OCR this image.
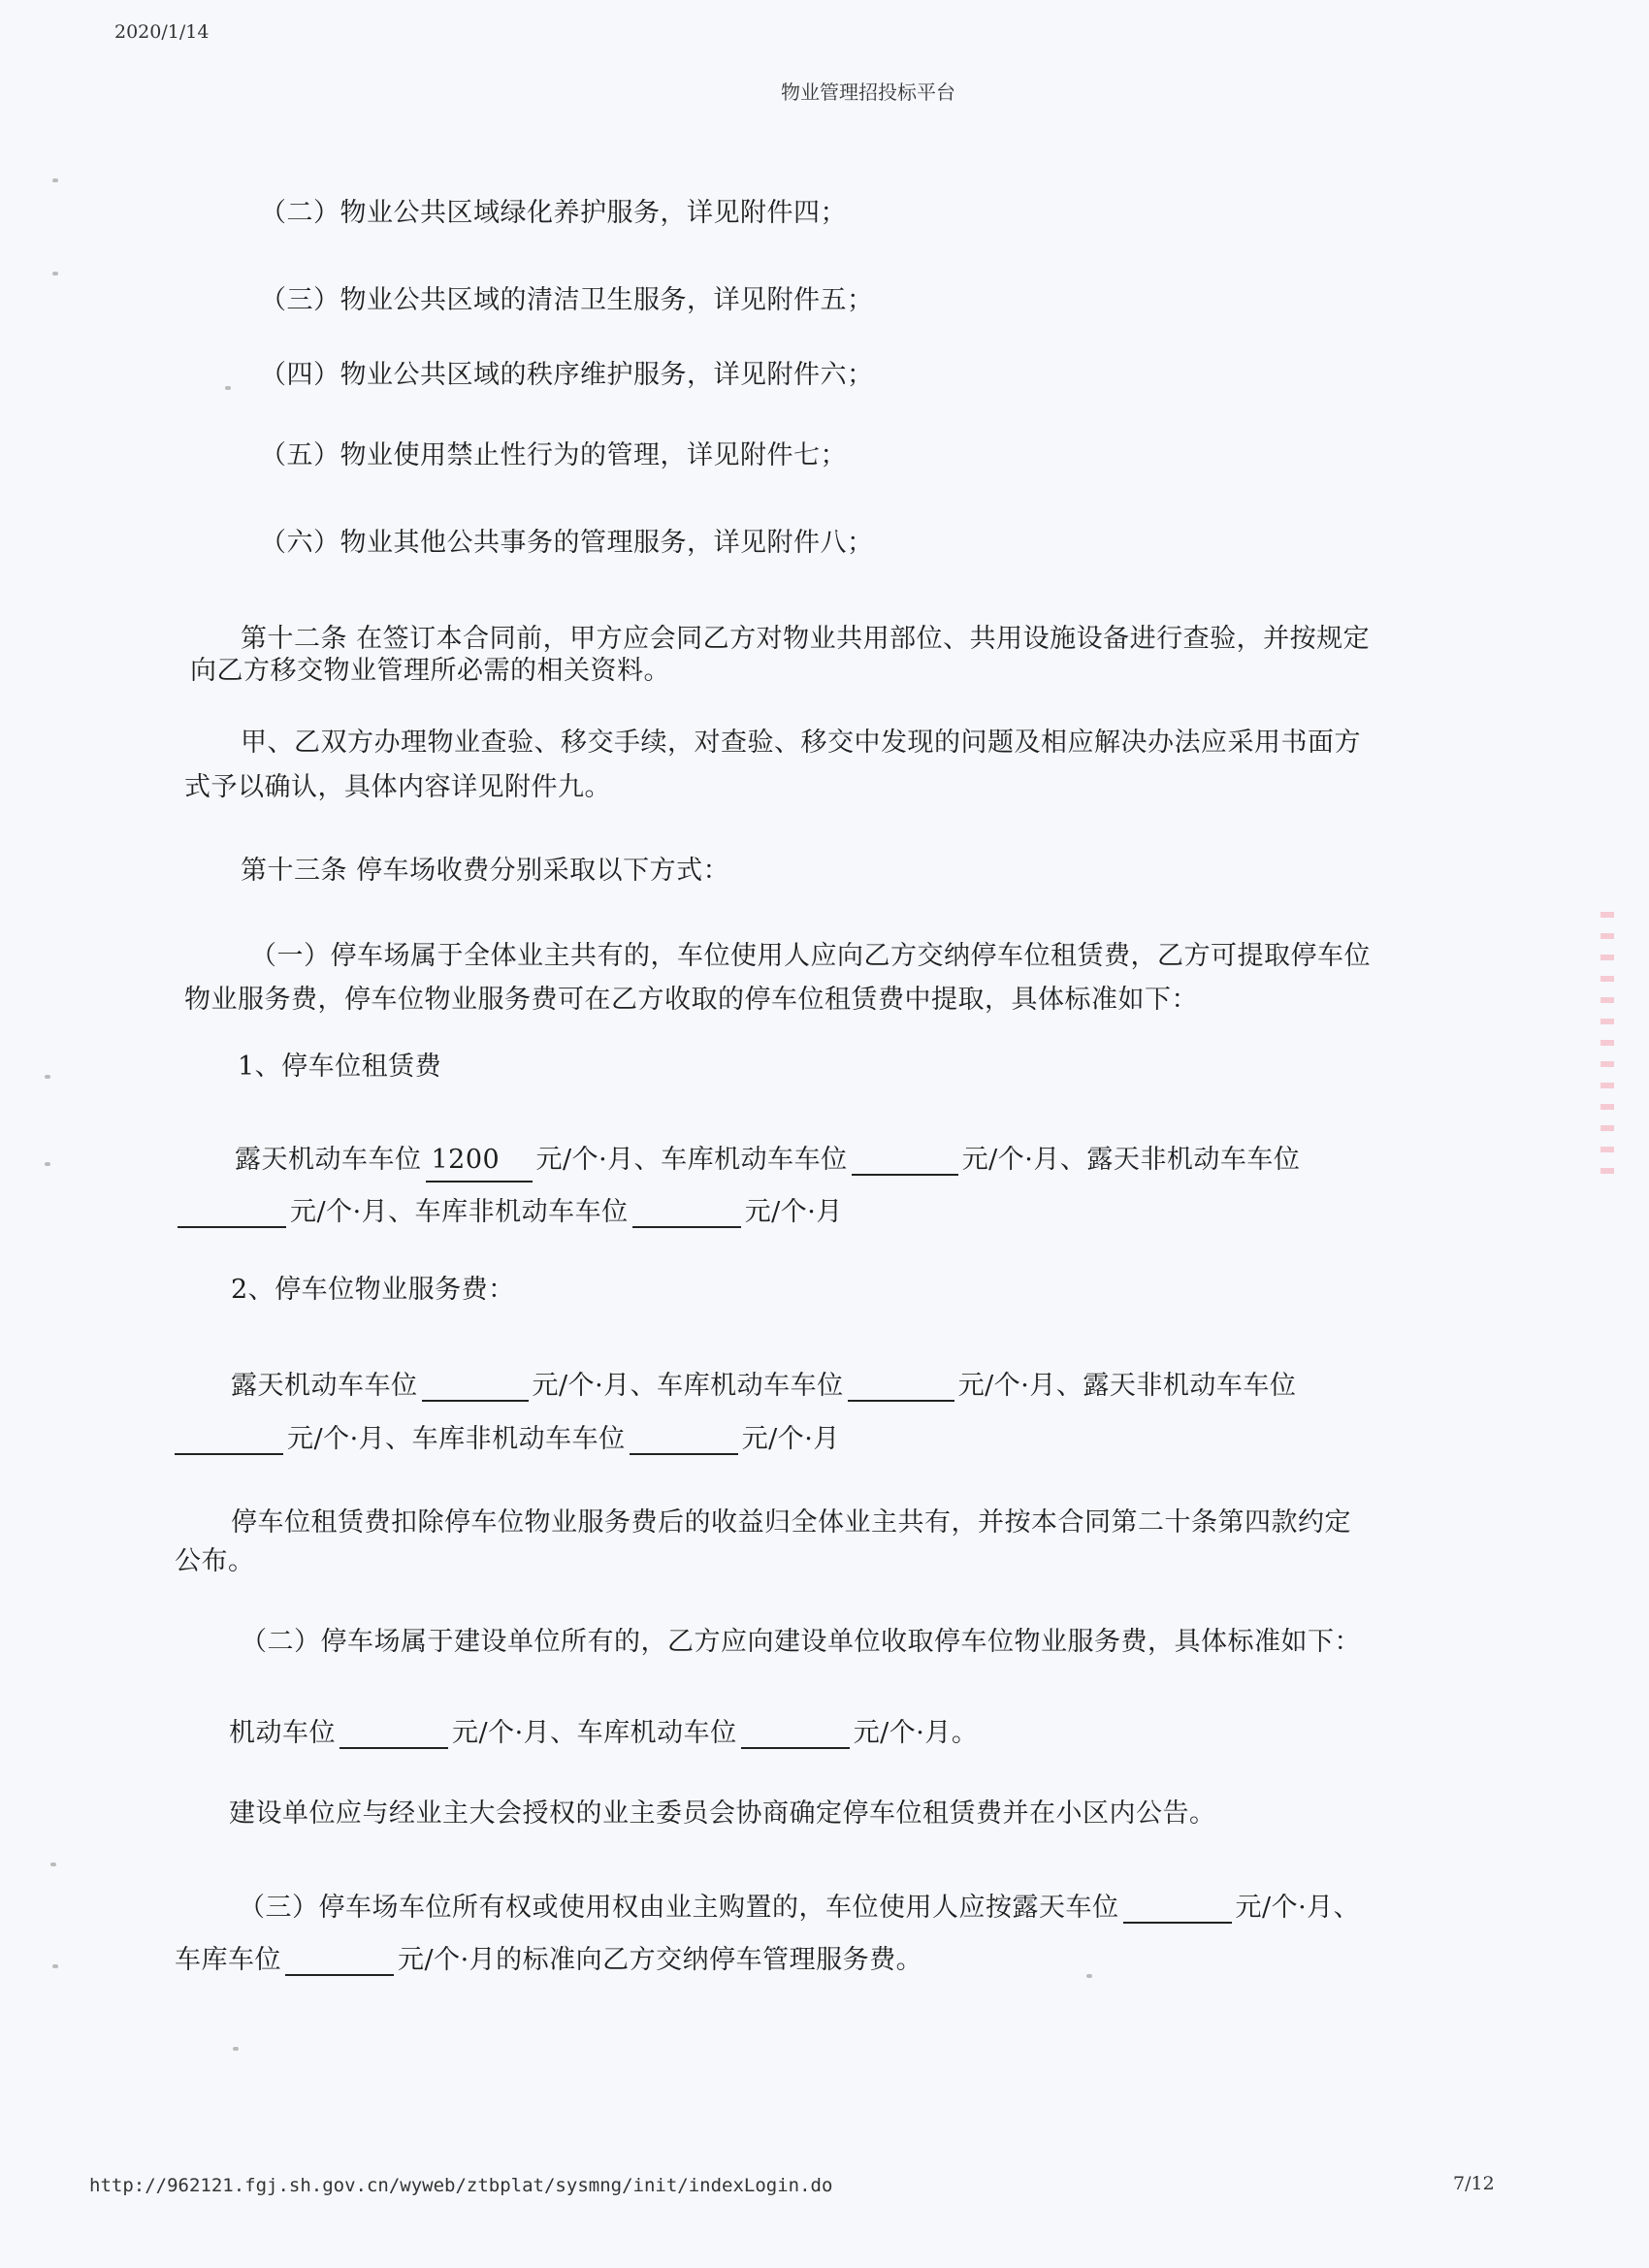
2020/1/14
物业管理招投标平台
（二）物业公共区域绿化养护服务，详见附件四；
（三）物业公共区域的清洁卫生服务，详见附件五；
（四）物业公共区域的秩序维护服务，详见附件六；
（五）物业使用禁止性行为的管理，详见附件七；
（六）物业其他公共事务的管理服务，详见附件八；
第十二条 在签订本合同前，甲方应会同乙方对物业共用部位、共用设施设备进行查验，并按规定
向乙方移交物业管理所必需的相关资料。
甲、乙双方办理物业查验、移交手续，对查验、移交中发现的问题及相应解决办法应采用书面方
式予以确认，具体内容详见附件九。
第十三条 停车场收费分别采取以下方式：
（一）停车场属于全体业主共有的，车位使用人应向乙方交纳停车位租赁费，乙方可提取停车位
物业服务费，停车位物业服务费可在乙方收取的停车位租赁费中提取，具体标准如下：
1、停车位租赁费
露天机动车车位 1200 元/个·月、车库机动车车位	元/个·月、露天非机动车车位
元/个·月、车库非机动车车位	元/个·月
2、停车位物业服务费：
露天机动车车位	元/个·月、车库机动车车位	元/个·月、露天非机动车车位
元/个·月、车库非机动车车位	元/个·月
停车位租赁费扣除停车位物业服务费后的收益归全体业主共有，并按本合同第二十条第四款约定
公布。
（二）停车场属于建设单位所有的，乙方应向建设单位收取停车位物业服务费，具体标准如下：
机动车位	元/个·月、车库机动车位	元/个·月。
建设单位应与经业主大会授权的业主委员会协商确定停车位租赁费并在小区内公告。
（三）停车场车位所有权或使用权由业主购置的，车位使用人应按露天车位	元/个·月、
车库车位	元/个·月的标准向乙方交纳停车管理服务费。
http://962121.fgj.sh.gov.cn/wyweb/ztbplat/sysmng/init/indexLogin.do	7/12
